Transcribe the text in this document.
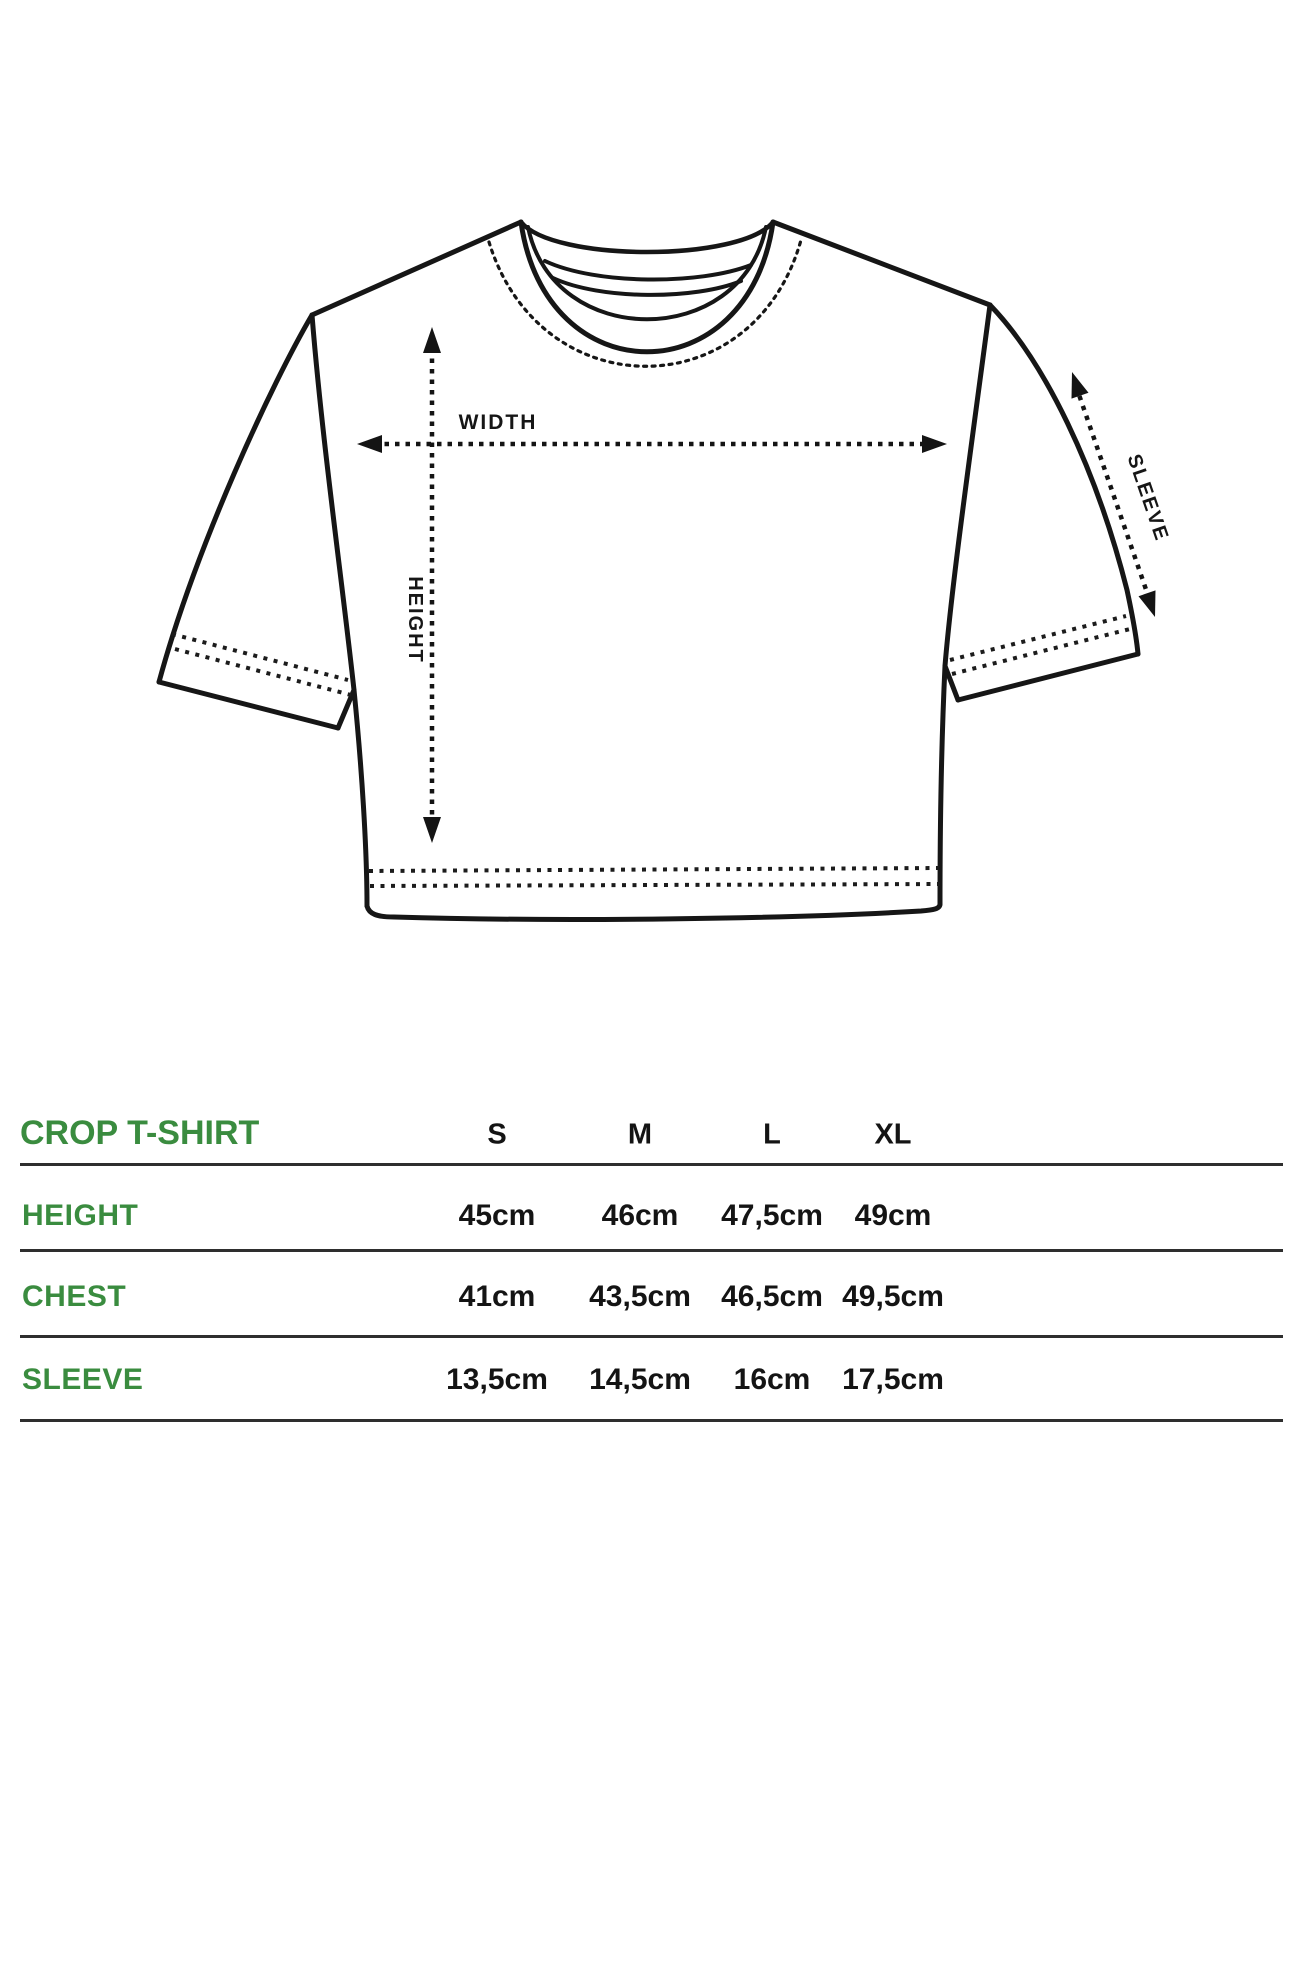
WIDTH
HEIGHT
SLEEVE
CROP T-SHIRT	S	M	L	XL
HEIGHT	45cm 46cm 47,5cm 49cm
CHEST	41cm 43,5cm 46,5cm 49,5cm
SLEEVE	13,5cm 14,5cm 16cm 17,5cm
